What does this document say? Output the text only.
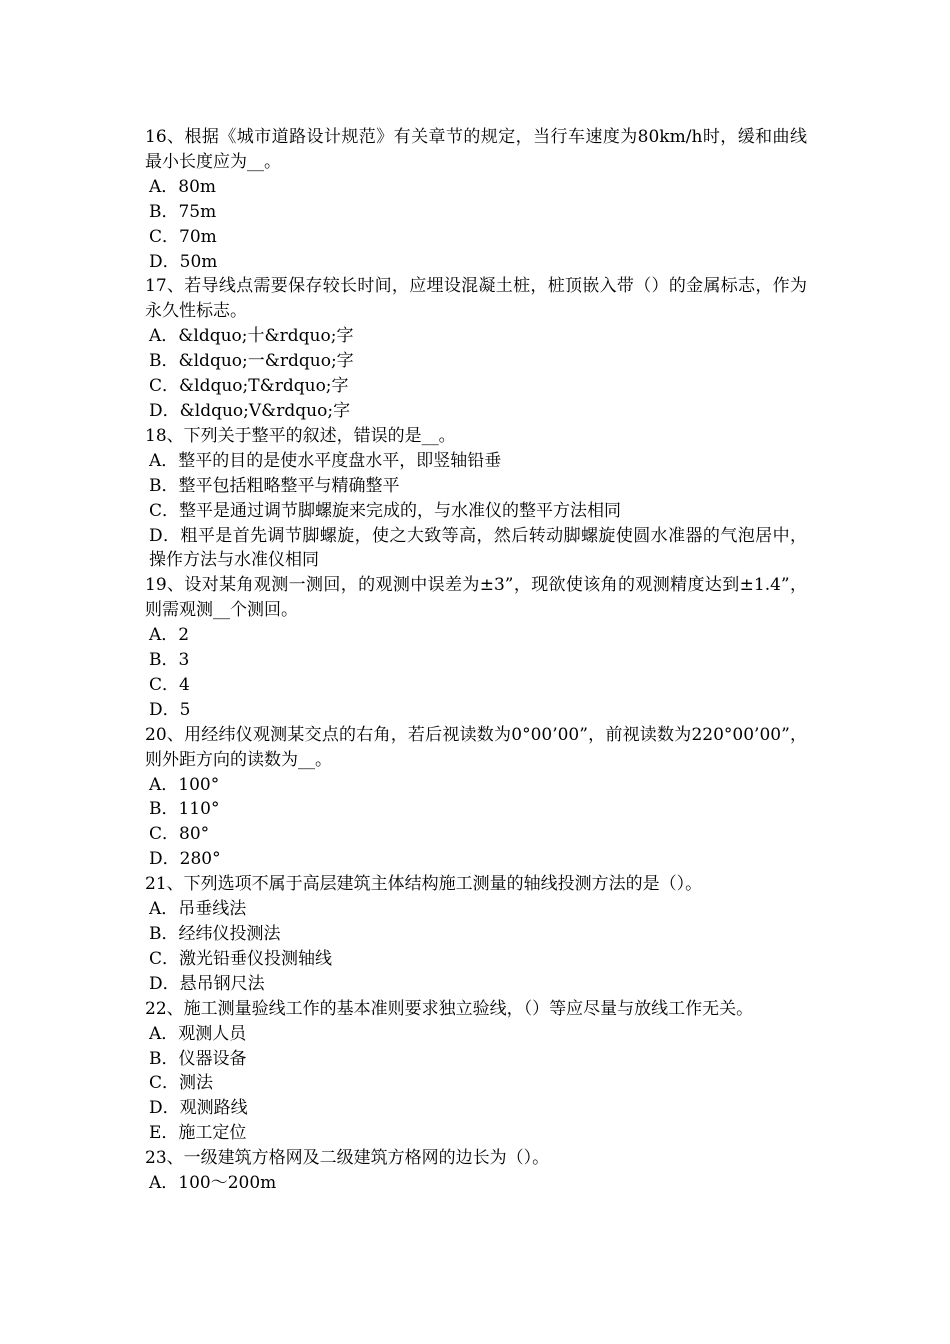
16、根据《城市道路设计规范》有关章节的规定，当行车速度为80km/h时，缓和曲线最小长度应为__。

A．80m
B．75m
C．70m
D．50m

17、若导线点需要保存较长时间，应埋设混凝土桩，桩顶嵌入带（）的金属标志，作为永久性标志。

A．&ldquo;十&rdquo;字
B．&ldquo;一&rdquo;字
C．&ldquo;T&rdquo;字
D．&ldquo;V&rdquo;字

18、下列关于整平的叙述，错误的是__。

A．整平的目的是使水平度盘水平，即竖轴铅垂
B．整平包括粗略整平与精确整平
C．整平是通过调节脚螺旋来完成的，与水准仪的整平方法相同

D．粗平是首先调节脚螺旋，使之大致等高，然后转动脚螺旋使圆水准器的气泡居中，操作方法与水准仪相同

19、设对某角观测一测回，的观测中误差为±3”，现欲使该角的观测精度达到±1.4”，则需观测__个测回。

A．2
B．3
C．4
D．5

20、用经纬仪观测某交点的右角，若后视读数为0°00’00”，前视读数为220°00’00”，则外距方向的读数为__。

A．100°
B．110°
C．80°
D．280°

21、下列选项不属于高层建筑主体结构施工测量的轴线投测方法的是（）。

A．吊垂线法
B．经纬仪投测法
C．激光铅垂仪投测轴线
D．悬吊钢尺法

22、施工测量验线工作的基本准则要求独立验线，（）等应尽量与放线工作无关。

A．观测人员
B．仪器设备
C．测法
D．观测路线
E．施工定位

23、一级建筑方格网及二级建筑方格网的边长为（）。

A．100～200m
